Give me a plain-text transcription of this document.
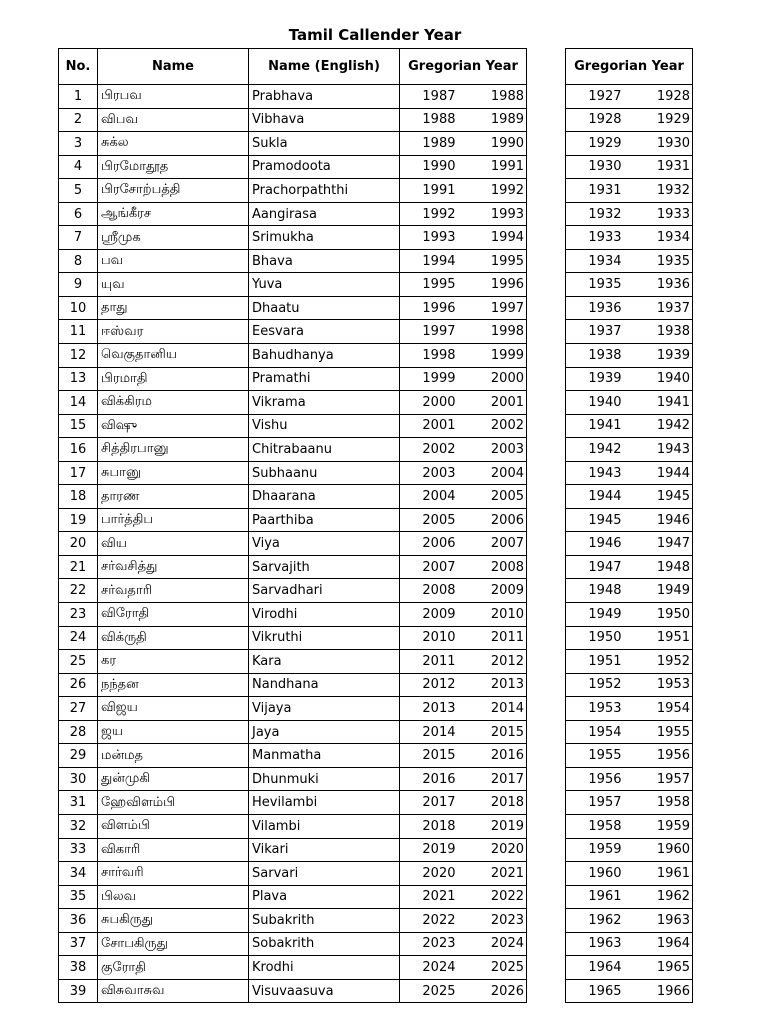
Tamil Callender Year
No.	Name	Name (English)	Gregorian Year	
1	பிரபவ	Prabhava	1987	1988
2	விபவ	Vibhava	1988	1989
3	சுக்ல	Sukla	1989	1990
4	பிரமோதூத	Pramodoota	1990	1991
5	பிரசோற்பத்தி	Prachorpaththi	1991	1992
6	ஆங்கீரச	Aangirasa	1992	1993
7	ஸ்ரீமுக	Srimukha	1993	1994
8	பவ	Bhava	1994	1995
9	யுவ	Yuva	1995	1996
10	தாது	Dhaatu	1996	1997
11	ஈஸ்வர	Eesvara	1997	1998
12	வெகுதானிய	Bahudhanya	1998	1999
13	பிரமாதி	Pramathi	1999	2000
14	விக்கிரம	Vikrama	2000	2001
15	விஷு	Vishu	2001	2002
16	சித்திரபானு	Chitrabaanu	2002	2003
17	சுபானு	Subhaanu	2003	2004
18	தாரண	Dhaarana	2004	2005
19	பார்த்திப	Paarthiba	2005	2006
20	விய	Viya	2006	2007
21	சர்வசித்து	Sarvajith	2007	2008
22	சர்வதாரி	Sarvadhari	2008	2009
23	விரோதி	Virodhi	2009	2010
24	விக்ருதி	Vikruthi	2010	2011
25	கர	Kara	2011	2012
26	நந்தன	Nandhana	2012	2013
27	விஜய	Vijaya	2013	2014
28	ஜய	Jaya	2014	2015
29	மன்மத	Manmatha	2015	2016
30	துன்முகி	Dhunmuki	2016	2017
31	ஹேவிளம்பி	Hevilambi	2017	2018
32	விளம்பி	Vilambi	2018	2019
33	விகாரி	Vikari	2019	2020
34	சார்வரி	Sarvari	2020	2021
35	பிலவ	Plava	2021	2022
36	சுபகிருது	Subakrith	2022	2023
37	சோபகிருது	Sobakrith	2023	2024
38	குரோதி	Krodhi	2024	2025
39	விசுவாசுவ	Visuvaasuva	2025	2026
Gregorian Year	
1927	1928
1928	1929
1929	1930
1930	1931
1931	1932
1932	1933
1933	1934
1934	1935
1935	1936
1936	1937
1937	1938
1938	1939
1939	1940
1940	1941
1941	1942
1942	1943
1943	1944
1944	1945
1945	1946
1946	1947
1947	1948
1948	1949
1949	1950
1950	1951
1951	1952
1952	1953
1953	1954
1954	1955
1955	1956
1956	1957
1957	1958
1958	1959
1959	1960
1960	1961
1961	1962
1962	1963
1963	1964
1964	1965
1965	1966
